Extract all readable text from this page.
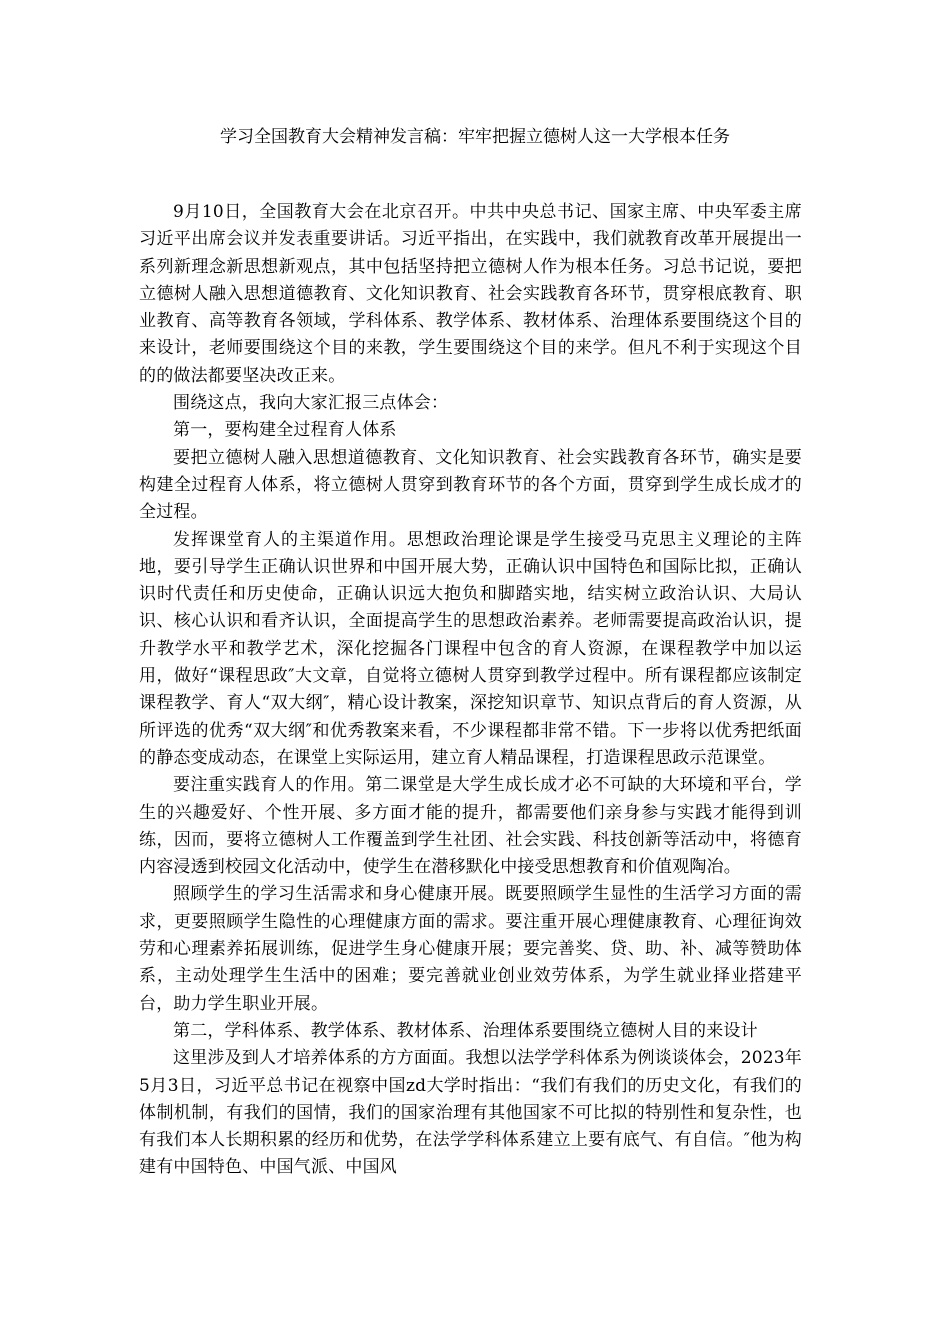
学习全国教育大会精神发言稿：牢牢把握立德树人这一大学根本任务

9月10日，全国教育大会在北京召开。中共中央总书记、国家主席、中央军委主席习近平出席会议并发表重要讲话。习近平指出，在实践中，我们就教育改革开展提出一系列新理念新思想新观点，其中包括坚持把立德树人作为根本任务。习总书记说，要把立德树人融入思想道德教育、文化知识教育、社会实践教育各环节，贯穿根底教育、职业教育、高等教育各领域，学科体系、教学体系、教材体系、治理体系要围绕这个目的来设计，老师要围绕这个目的来教，学生要围绕这个目的来学。但凡不利于实现这个目的的做法都要坚决改正来。

围绕这点，我向大家汇报三点体会：

第一，要构建全过程育人体系

要把立德树人融入思想道德教育、文化知识教育、社会实践教育各环节，确实是要构建全过程育人体系，将立德树人贯穿到教育环节的各个方面，贯穿到学生成长成才的全过程。

发挥课堂育人的主渠道作用。思想政治理论课是学生接受马克思主义理论的主阵地，要引导学生正确认识世界和中国开展大势，正确认识中国特色和国际比拟，正确认识时代责任和历史使命，正确认识远大抱负和脚踏实地，结实树立政治认识、大局认识、核心认识和看齐认识，全面提高学生的思想政治素养。老师需要提高政治认识，提升教学水平和教学艺术，深化挖掘各门课程中包含的育人资源，在课程教学中加以运用，做好“课程思政″大文章，自觉将立德树人贯穿到教学过程中。所有课程都应该制定课程教学、育人“双大纲″，精心设计教案，深挖知识章节、知识点背后的育人资源，从所评选的优秀“双大纲″和优秀教案来看，不少课程都非常不错。下一步将以优秀把纸面的静态变成动态，在课堂上实际运用，建立育人精品课程，打造课程思政示范课堂。

要注重实践育人的作用。第二课堂是大学生成长成才必不可缺的大环境和平台，学生的兴趣爱好、个性开展、多方面才能的提升，都需要他们亲身参与实践才能得到训练，因而，要将立德树人工作覆盖到学生社团、社会实践、科技创新等活动中，将德育内容浸透到校园文化活动中，使学生在潜移默化中接受思想教育和价值观陶冶。

照顾学生的学习生活需求和身心健康开展。既要照顾学生显性的生活学习方面的需求，更要照顾学生隐性的心理健康方面的需求。要注重开展心理健康教育、心理征询效劳和心理素养拓展训练，促进学生身心健康开展；要完善奖、贷、助、补、减等赞助体系，主动处理学生生活中的困难；要完善就业创业效劳体系，为学生就业择业搭建平台，助力学生职业开展。

第二，学科体系、教学体系、教材体系、治理体系要围绕立德树人目的来设计

这里涉及到人才培养体系的方方面面。我想以法学学科体系为例谈谈体会，2023年5月3日，习近平总书记在视察中国zd大学时指出：“我们有我们的历史文化，有我们的体制机制，有我们的国情，我们的国家治理有其他国家不可比拟的特别性和复杂性，也有我们本人长期积累的经历和优势，在法学学科体系建立上要有底气、有自信。″他为构建有中国特色、中国气派、中国风
